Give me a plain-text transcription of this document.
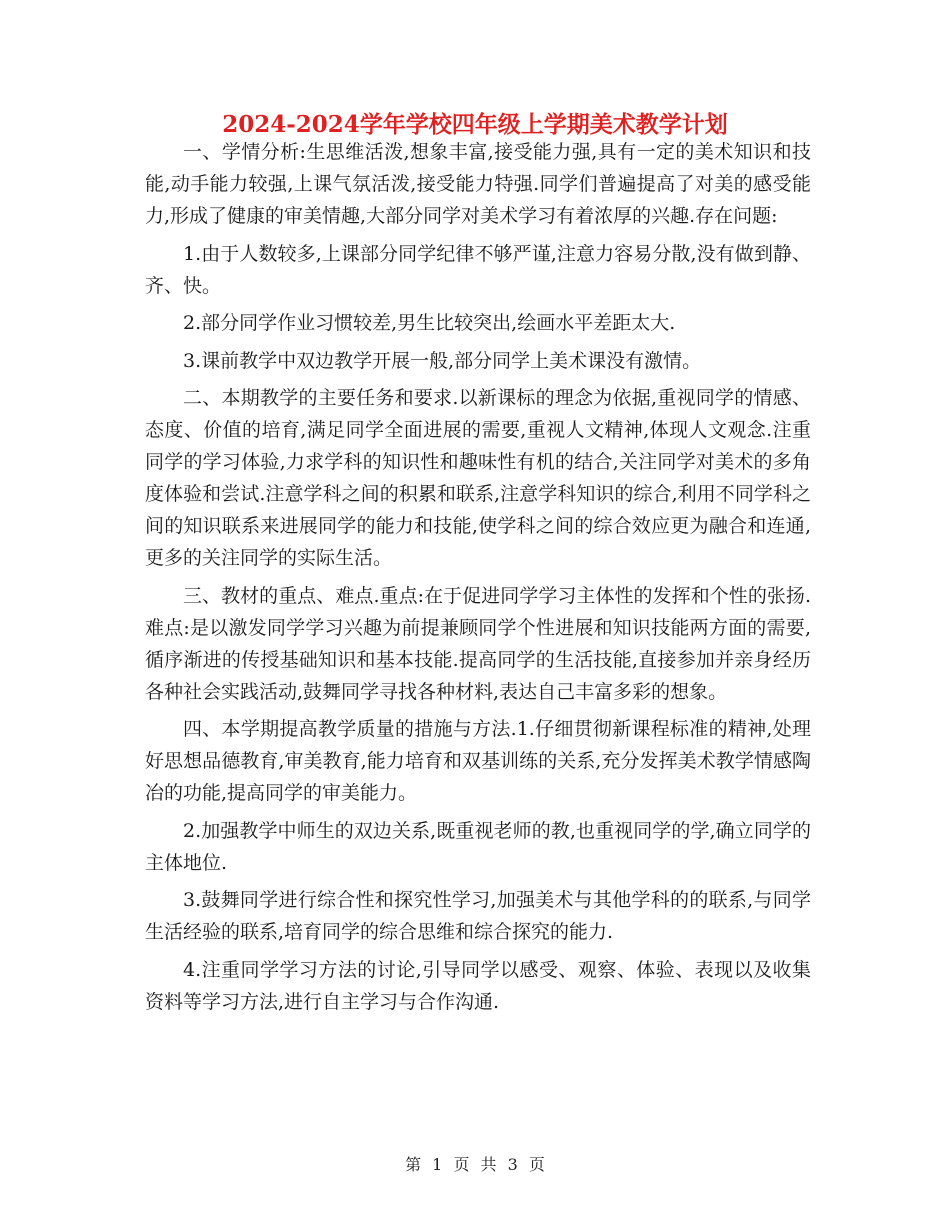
2024-2024学年学校四年级上学期美术教学计划

一、学情分析:生思维活泼,想象丰富,接受能力强,具有一定的美术知识和技能,动手能力较强,上课气氛活泼,接受能力特强.同学们普遍提高了对美的感受能力,形成了健康的审美情趣,大部分同学对美术学习有着浓厚的兴趣.存在问题:

1.由于人数较多,上课部分同学纪律不够严谨,注意力容易分散,没有做到静、齐、快。

2.部分同学作业习惯较差,男生比较突出,绘画水平差距太大.

3.课前教学中双边教学开展一般,部分同学上美术课没有激情。

二、本期教学的主要任务和要求.以新课标的理念为依据,重视同学的情感、态度、价值的培育,满足同学全面进展的需要,重视人文精神,体现人文观念.注重同学的学习体验,力求学科的知识性和趣味性有机的结合,关注同学对美术的多角度体验和尝试.注意学科之间的积累和联系,注意学科知识的综合,利用不同学科之间的知识联系来进展同学的能力和技能,使学科之间的综合效应更为融合和连通,更多的关注同学的实际生活。

三、教材的重点、难点.重点:在于促进同学学习主体性的发挥和个性的张扬.难点:是以激发同学学习兴趣为前提兼顾同学个性进展和知识技能两方面的需要,循序渐进的传授基础知识和基本技能.提高同学的生活技能,直接参加并亲身经历各种社会实践活动,鼓舞同学寻找各种材料,表达自己丰富多彩的想象。

四、本学期提高教学质量的措施与方法.1.仔细贯彻新课程标准的精神,处理好思想品德教育,审美教育,能力培育和双基训练的关系,充分发挥美术教学情感陶冶的功能,提高同学的审美能力。

2.加强教学中师生的双边关系,既重视老师的教,也重视同学的学,确立同学的主体地位.

3.鼓舞同学进行综合性和探究性学习,加强美术与其他学科的的联系,与同学生活经验的联系,培育同学的综合思维和综合探究的能力.

4.注重同学学习方法的讨论,引导同学以感受、观察、体验、表现以及收集资料等学习方法,进行自主学习与合作沟通.

第 1 页 共 3 页
